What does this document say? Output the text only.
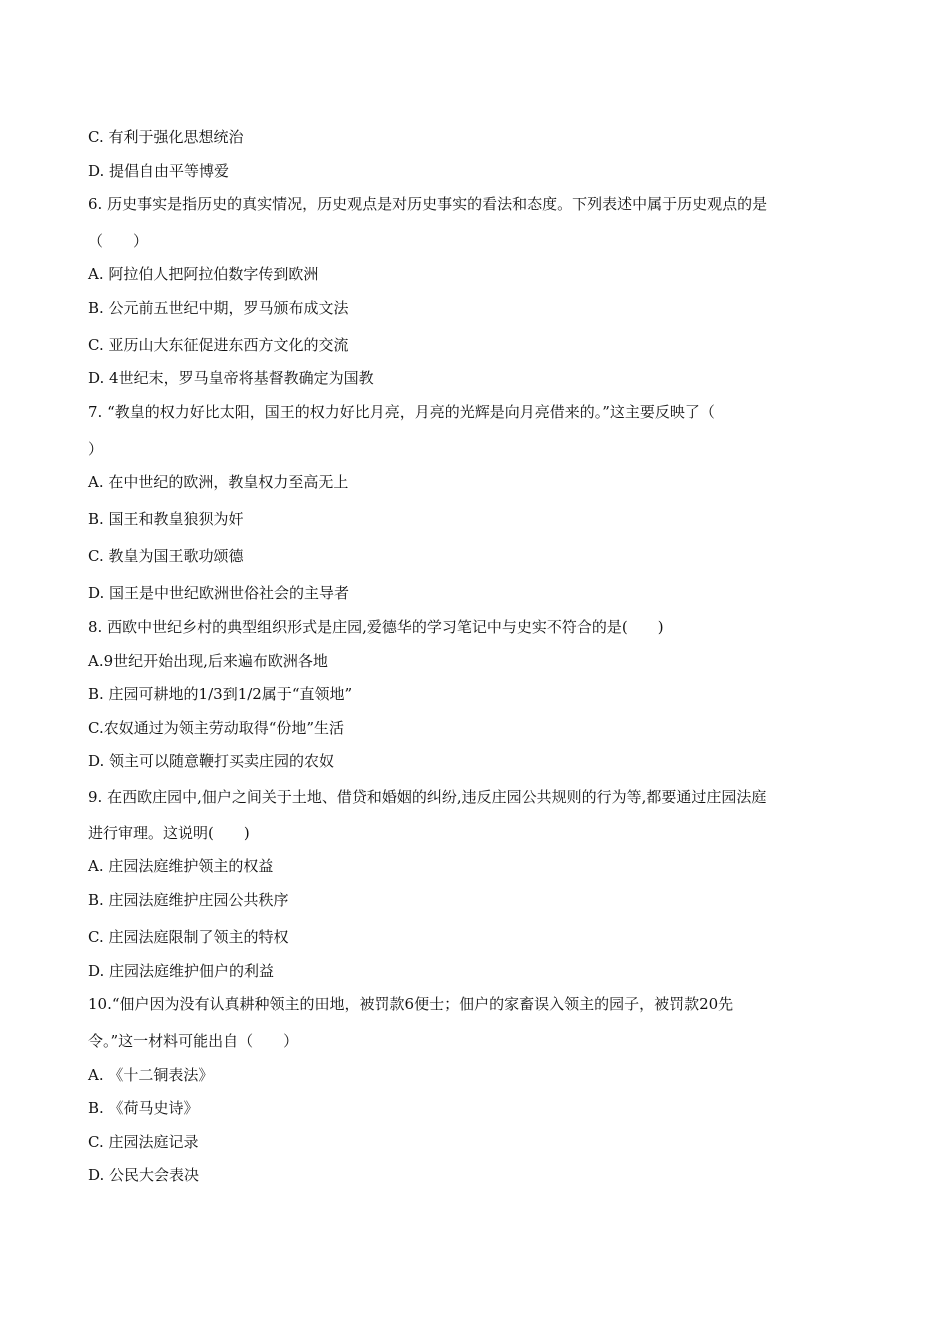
C. 有利于强化思想统治
D. 提倡自由平等博爱
6. 历史事实是指历史的真实情况，历史观点是对历史事实的看法和态度。下列表述中属于历史观点的是
（　　）
A. 阿拉伯人把阿拉伯数字传到欧洲
B. 公元前五世纪中期，罗马颁布成文法
C. 亚历山大东征促进东西方文化的交流
D. 4世纪末，罗马皇帝将基督教确定为国教
7. “教皇的权力好比太阳，国王的权力好比月亮，月亮的光辉是向月亮借来的。”这主要反映了（
）
A. 在中世纪的欧洲，教皇权力至高无上
B. 国王和教皇狼狈为奸
C. 教皇为国王歌功颂德
D. 国王是中世纪欧洲世俗社会的主导者
8. 西欧中世纪乡村的典型组织形式是庄园,爱德华的学习笔记中与史实不符合的是(　　)
A.9世纪开始出现,后来遍布欧洲各地
B. 庄园可耕地的1/3到1/2属于“直领地”
C.农奴通过为领主劳动取得“份地”生活
D. 领主可以随意鞭打买卖庄园的农奴
9. 在西欧庄园中,佃户之间关于土地、借贷和婚姻的纠纷,违反庄园公共规则的行为等,都要通过庄园法庭
进行审理。这说明(　　)
A. 庄园法庭维护领主的权益
B. 庄园法庭维护庄园公共秩序
C. 庄园法庭限制了领主的特权
D. 庄园法庭维护佃户的利益
10.“佃户因为没有认真耕种领主的田地，被罚款6便士；佃户的家畜误入领主的园子，被罚款20先
令。”这一材料可能出自（　　）
A. 《十二铜表法》
B. 《荷马史诗》
C. 庄园法庭记录
D. 公民大会表决
